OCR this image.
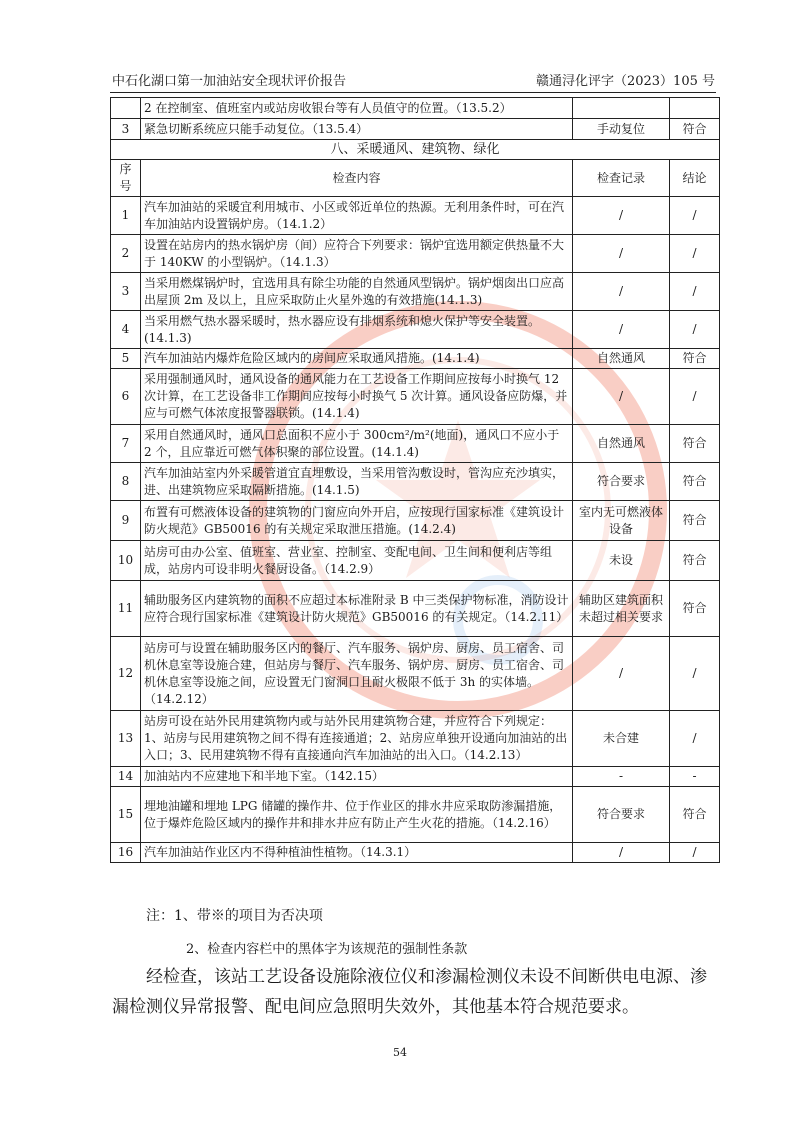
中石化湖口第一加油站安全现状评价报告	赣通浔化评字（2023）105 号
	2 在控制室、值班室内或站房收银台等有人员值守的位置。（13.5.2）		
3	紧急切断系统应只能手动复位。（13.5.4）	手动复位	符合
八、采暖通风、建筑物、绿化			
序号	检查内容	检查记录	结论
1	汽车加油站的采暖宜利用城市、小区或邻近单位的热源。无利用条件时，可在汽车加油站内设置锅炉房。（14.1.2）	/	/
2	设置在站房内的热水锅炉房（间）应符合下列要求：锅炉宜选用额定供热量不大于 140KW 的小型锅炉。（14.1.3）	/	/
3	当采用燃煤锅炉时，宜选用具有除尘功能的自然通风型锅炉。锅炉烟囱出口应高出屋顶 2m 及以上，且应采取防止火星外逸的有效措施(14.1.3)	/	/
4	当采用燃气热水器采暖时，热水器应设有排烟系统和熄火保护等安全装置。(14.1.3)	/	/
5	汽车加油站内爆炸危险区域内的房间应采取通风措施。(14.1.4)	自然通风	符合
6	采用强制通风时，通风设备的通风能力在工艺设备工作期间应按每小时换气 12 次计算，在工艺设备非工作期间应按每小时换气 5 次计算。通风设备应防爆，并应与可燃气体浓度报警器联锁。(14.1.4)	/	/
7	采用自然通风时，通风口总面积不应小于 300cm²/m²(地面)，通风口不应小于 2 个，且应靠近可燃气体积聚的部位设置。(14.1.4)	自然通风	符合
8	汽车加油站室内外采暖管道宜直埋敷设，当采用管沟敷设时，管沟应充沙填实，进、出建筑物应采取隔断措施。(14.1.5)	符合要求	符合
9	布置有可燃液体设备的建筑物的门窗应向外开启，应按现行国家标准《建筑设计防火规范》GB50016 的有关规定采取泄压措施。(14.2.4)	室内无可燃液体设备	符合
10	站房可由办公室、值班室、营业室、控制室、变配电间、卫生间和便利店等组成，站房内可设非明火餐厨设备。（14.2.9）	未设	符合
11	辅助服务区内建筑物的面积不应超过本标准附录 B 中三类保护物标准，消防设计应符合现行国家标准《建筑设计防火规范》GB50016 的有关规定。（14.2.11）	辅助区建筑面积未超过相关要求	符合
12	站房可与设置在辅助服务区内的餐厅、汽车服务、锅炉房、厨房、员工宿舍、司机休息室等设施合建，但站房与餐厅、汽车服务、锅炉房、厨房、员工宿舍、司机休息室等设施之间，应设置无门窗洞口且耐火极限不低于 3h 的实体墙。（14.2.12）	/	/
13	站房可设在站外民用建筑物内或与站外民用建筑物合建，并应符合下列规定：1、站房与民用建筑物之间不得有连接通道；2、站房应单独开设通向加油站的出入口；3、民用建筑物不得有直接通向汽车加油站的出入口。（14.2.13）	未合建	/
14	加油站内不应建地下和半地下室。（142.15）	-	-
15	埋地油罐和埋地 LPG 储罐的操作井、位于作业区的排水井应采取防渗漏措施，位于爆炸危险区域内的操作井和排水井应有防止产生火花的措施。（14.2.16）	符合要求	符合
16	汽车加油站作业区内不得种植油性植物。（14.3.1）	/	/
注：1、带※的项目为否决项
2、检查内容栏中的黑体字为该规范的强制性条款
经检查，该站工艺设备设施除液位仪和渗漏检测仪未设不间断供电电源、渗漏检测仪异常报警、配电间应急照明失效外，其他基本符合规范要求。
54
